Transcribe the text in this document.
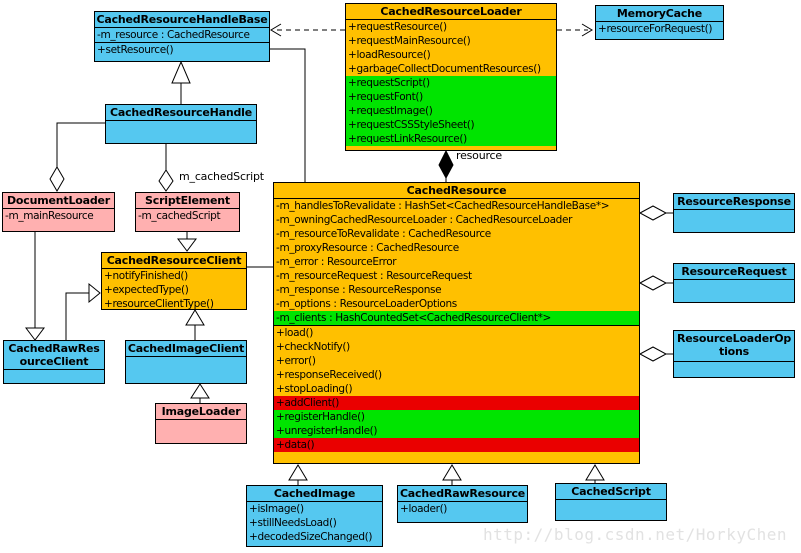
CachedResourceHandleBase
-m_resource : CachedResource
+setResource()
CachedResourceHandle
CachedResourceLoader
+requestResource()
+requestMainResource()
+loadResource()
+garbageCollectDocumentResources()
+requestScript()
+requestFont()
+requestImage()
+requestCSSStyleSheet()
+requestLinkResource()
MemoryCache
+resourceForRequest()
DocumentLoader
-m_mainResource
ScriptElement
-m_cachedScript
CachedResourceClient
+notifyFinished()
+expectedType()
+resourceClientType()
CachedRawResourceClient
CachedImageClient
ImageLoader
CachedResource
-m_handlesToRevalidate : HashSet<CachedResourceHandleBase*>
-m_owningCachedResourceLoader : CachedResourceLoader
-m_resourceToRevalidate : CachedResource
-m_proxyResource : CachedResource
-m_error : ResourceError
-m_resourceRequest : ResourceRequest
-m_response : ResourceResponse
-m_options : ResourceLoaderOptions
-m_clients : HashCountedSet<CachedResourceClient*>
+load()
+checkNotify()
+error()
+responseReceived()
+stopLoading()
+addClient()
+registerHandle()
+unregisterHandle()
+data()
ResourceResponse
ResourceRequest
ResourceLoaderOptions
CachedImage
+isImage()
+stillNeedsLoad()
+decodedSizeChanged()
CachedRawResource
+loader()
CachedScript
resource
m_cachedScript
http://blog.csdn.net/HorkyChen
